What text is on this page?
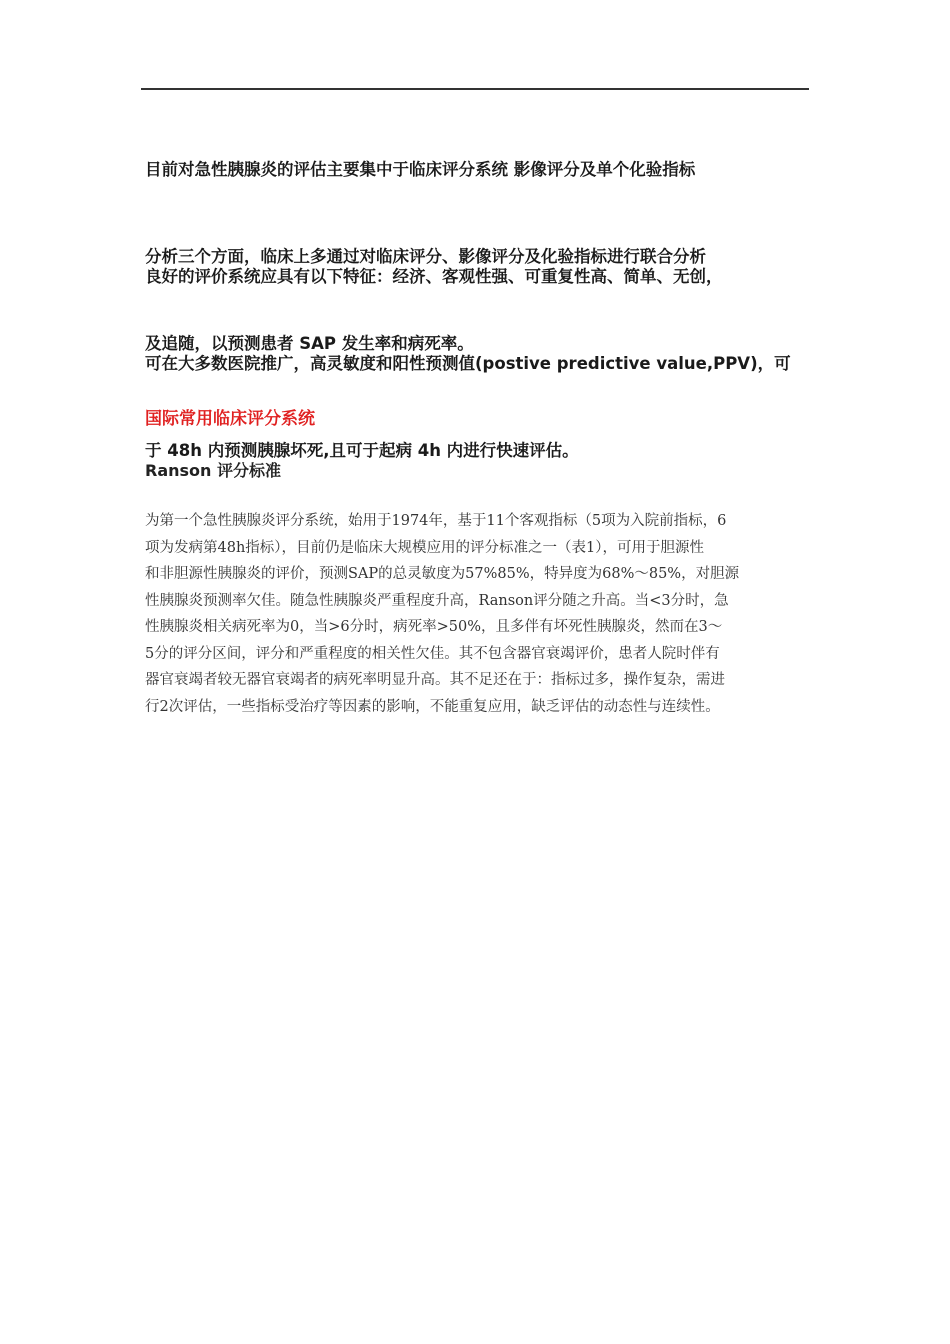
目前对急性胰腺炎的评估主要集中于临床评分系统 影像评分及单个化验指标

分析三个方面，临床上多通过对临床评分、影像评分及化验指标进行联合分析

及追随，以预测患者 SAP 发生率和病死率。

良好的评价系统应具有以下特征：经济、客观性强、可重复性高、简单、无创，

可在大多数医院推广，高灵敏度和阳性预测值(postive predictive value,PPV)，可

于 48h 内预测胰腺坏死,且可于起病 4h 内进行快速评估。

国际常用临床评分系统
Ranson 评分标准
为第一个急性胰腺炎评分系统，始用于1974年，基于11个客观指标（5项为入院前指标，6
项为发病第48h指标），目前仍是临床大规模应用的评分标准之一（表1），可用于胆源性
和非胆源性胰腺炎的评价，预测SAP的总灵敏度为57%85%，特异度为68%～85%，对胆源
性胰腺炎预测率欠佳。随急性胰腺炎严重程度升高，Ranson评分随之升高。当<3分时，急
性胰腺炎相关病死率为0，当>6分时，病死率>50%，且多伴有坏死性胰腺炎，然而在3～
5分的评分区间，评分和严重程度的相关性欠佳。其不包含器官衰竭评价，患者人院时伴有
器官衰竭者较无器官衰竭者的病死率明显升高。其不足还在于：指标过多，操作复杂，需进
行2次评估，一些指标受治疗等因素的影响，不能重复应用，缺乏评估的动态性与连续性。
